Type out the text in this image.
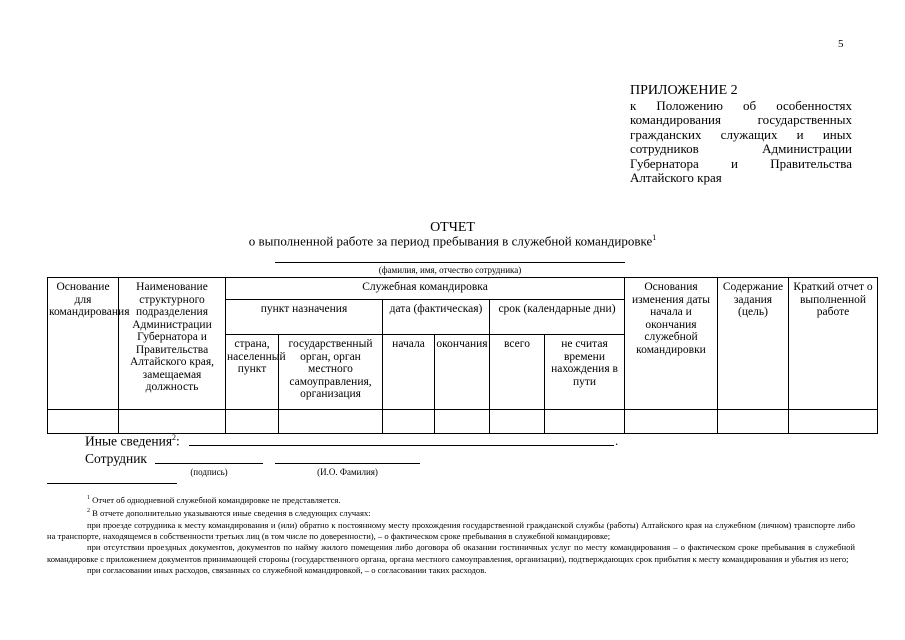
5
ПРИЛОЖЕНИЕ 2
к Положению об особенностях командирования государственных гражданских служащих и иных сотрудников Администрации Губернатора и Правительства Алтайского края
ОТЧЕТ
о выполненной работе за период пребывания в служебной командировке$^1$
(фамилия, имя, отчество сотрудника)
Основание для командирования	Наименование структурного подразделения Администрации Губернатора и Правительства Алтайского края, замещаемая должность	Служебная командировка						Основания изменения даты начала и окончания служебной командировки	Содержание задания (цель)	Краткий отчет о выполненной работе
		пункт назначения		дата (фактическая)		срок (календарные дни)				
		страна, населенный пункт	государственный орган, орган местного самоуправления, организация	начала	окончания	всего	не считая времени нахождения в пути			

Иные сведения$^2$:	.
Сотрудник
(подпись)	(И.О. Фамилия)

$^1$ Отчет об однодневной служебной командировке не представляется.

$^2$ В отчете дополнительно указываются иные сведения в следующих случаях:

при проезде сотрудника к месту командирования и (или) обратно к постоянному месту прохождения государственной гражданской службы (работы) Алтайского края на служебном (личном) транспорте либо на транспорте, находящемся в собственности третьих лиц (в том числе по доверенности), – о фактическом сроке пребывания в служебной командировке;

при отсутствии проездных документов, документов по найму жилого помещения либо договора об оказании гостиничных услуг по месту командирования – о фактическом сроке пребывания в служебной командировке с приложением документов принимающей стороны (государственного органа, органа местного самоуправления, организации), подтверждающих срок прибытия к месту командирования и убытия из него;

при согласовании иных расходов, связанных со служебной командировкой, – о согласовании таких расходов.
